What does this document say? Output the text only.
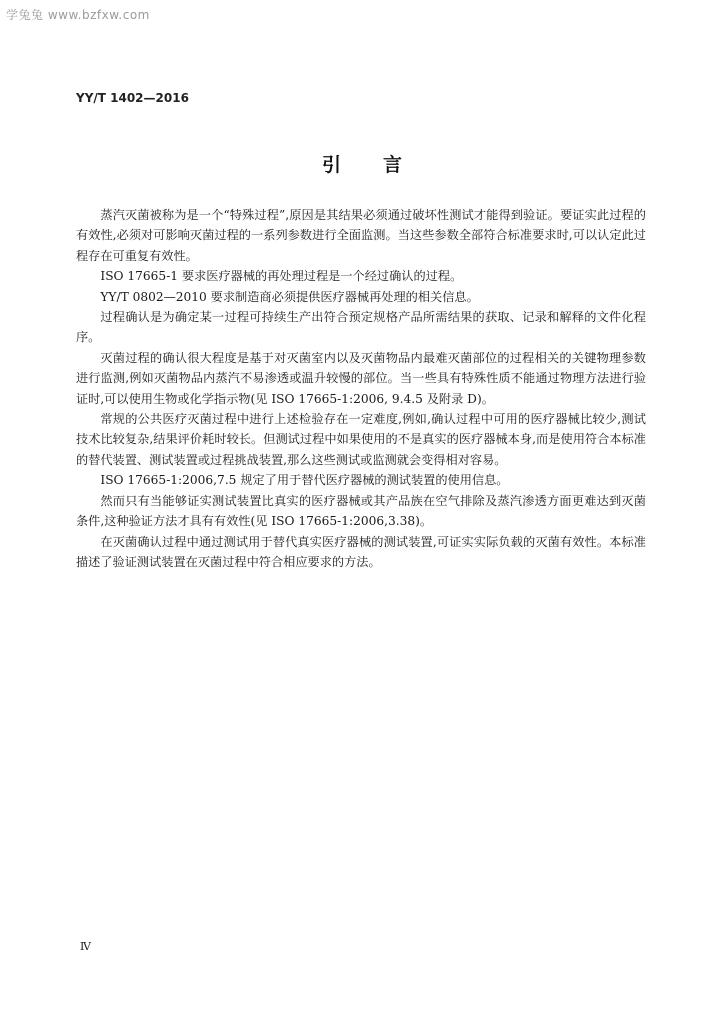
学兔兔 www.bzfxw.com
YY/T 1402—2016
引言

蒸汽灭菌被称为是一个“特殊过程”,原因是其结果必须通过破坏性测试才能得到验证。要证实此过程的有效性,必须对可影响灭菌过程的一系列参数进行全面监测。当这些参数全部符合标准要求时,可以认定此过程存在可重复有效性。

ISO 17665-1 要求医疗器械的再处理过程是一个经过确认的过程。

YY/T 0802—2010 要求制造商必须提供医疗器械再处理的相关信息。

过程确认是为确定某一过程可持续生产出符合预定规格产品所需结果的获取、记录和解释的文件化程序。

灭菌过程的确认很大程度是基于对灭菌室内以及灭菌物品内最难灭菌部位的过程相关的关键物理参数进行监测,例如灭菌物品内蒸汽不易渗透或温升较慢的部位。当一些具有特殊性质不能通过物理方法进行验证时,可以使用生物或化学指示物(见 ISO 17665-1:2006, 9.4.5 及附录 D)。

常规的公共医疗灭菌过程中进行上述检验存在一定难度,例如,确认过程中可用的医疗器械比较少,测试技术比较复杂,结果评价耗时较长。但测试过程中如果使用的不是真实的医疗器械本身,而是使用符合本标准的替代装置、测试装置或过程挑战装置,那么这些测试或监测就会变得相对容易。

ISO 17665-1:2006,7.5 规定了用于替代医疗器械的测试装置的使用信息。

然而只有当能够证实测试装置比真实的医疗器械或其产品族在空气排除及蒸汽渗透方面更难达到灭菌条件,这种验证方法才具有有效性(见 ISO 17665-1:2006,3.38)。

在灭菌确认过程中通过测试用于替代真实医疗器械的测试装置,可证实实际负载的灭菌有效性。本标准描述了验证测试装置在灭菌过程中符合相应要求的方法。

Ⅳ
